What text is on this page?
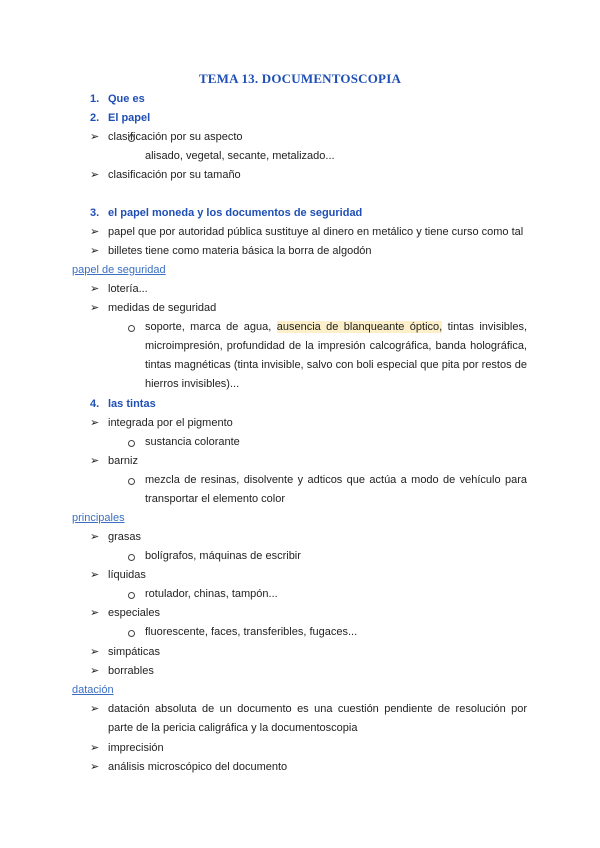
TEMA 13. DOCUMENTOSCOPIA
1. Que es
2. El papel
➢ clasificación por su aspecto
alisado, vegetal, secante, metalizado...
➢ clasificación por su tamaño
3. el papel moneda y los documentos de seguridad
➢ papel que por autoridad pública sustituye al dinero en metálico y tiene curso como tal
➢ billetes tiene como materia básica la borra de algodón
papel de seguridad
➢ lotería...
➢ medidas de seguridad
soporte, marca de agua, ausencia de blanqueante óptico, tintas invisibles, microimpresión, profundidad de la impresión calcográfica, banda holográfica, tintas magnéticas (tinta invisible, salvo con boli especial que pita por restos de hierros invisibles)...
4. las tintas
➢ integrada por el pigmento
sustancia colorante
➢ barniz
mezcla de resinas, disolvente y adticos que actúa a modo de vehículo para transportar el elemento color
principales
➢ grasas
bolígrafos, máquinas de escribir
➢ líquidas
rotulador, chinas, tampón...
➢ especiales
fluorescente, faces, transferibles, fugaces...
➢ simpáticas
➢ borrables
datación
➢ datación absoluta de un documento es una cuestión pendiente de resolución por parte de la pericia caligráfica y la documentoscopia
➢ imprecisión
➢ análisis microscópico del documento
